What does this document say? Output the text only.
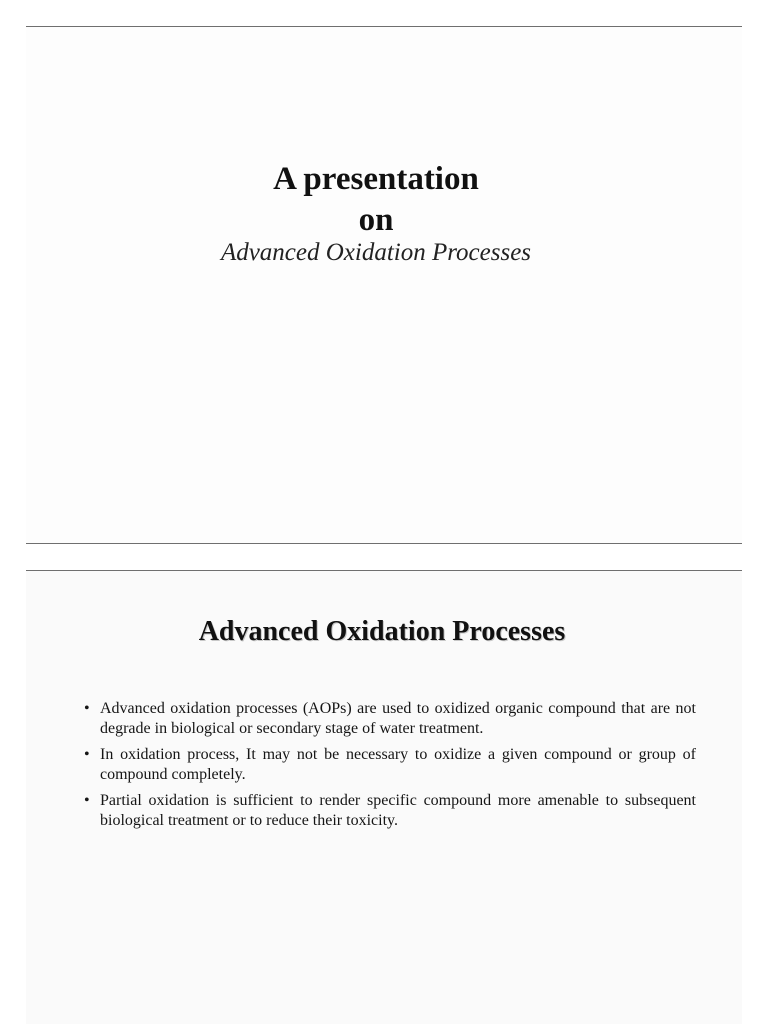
A presentation
on
Advanced Oxidation Processes
Advanced Oxidation Processes
• Advanced oxidation processes (AOPs) are used to oxidized organic compound that are not degrade in biological or secondary stage of water treatment.
• In oxidation process, It may not be necessary to oxidize a given compound or group of compound completely.
• Partial oxidation is sufficient to render specific compound more amenable to subsequent biological treatment or to reduce their toxicity.
